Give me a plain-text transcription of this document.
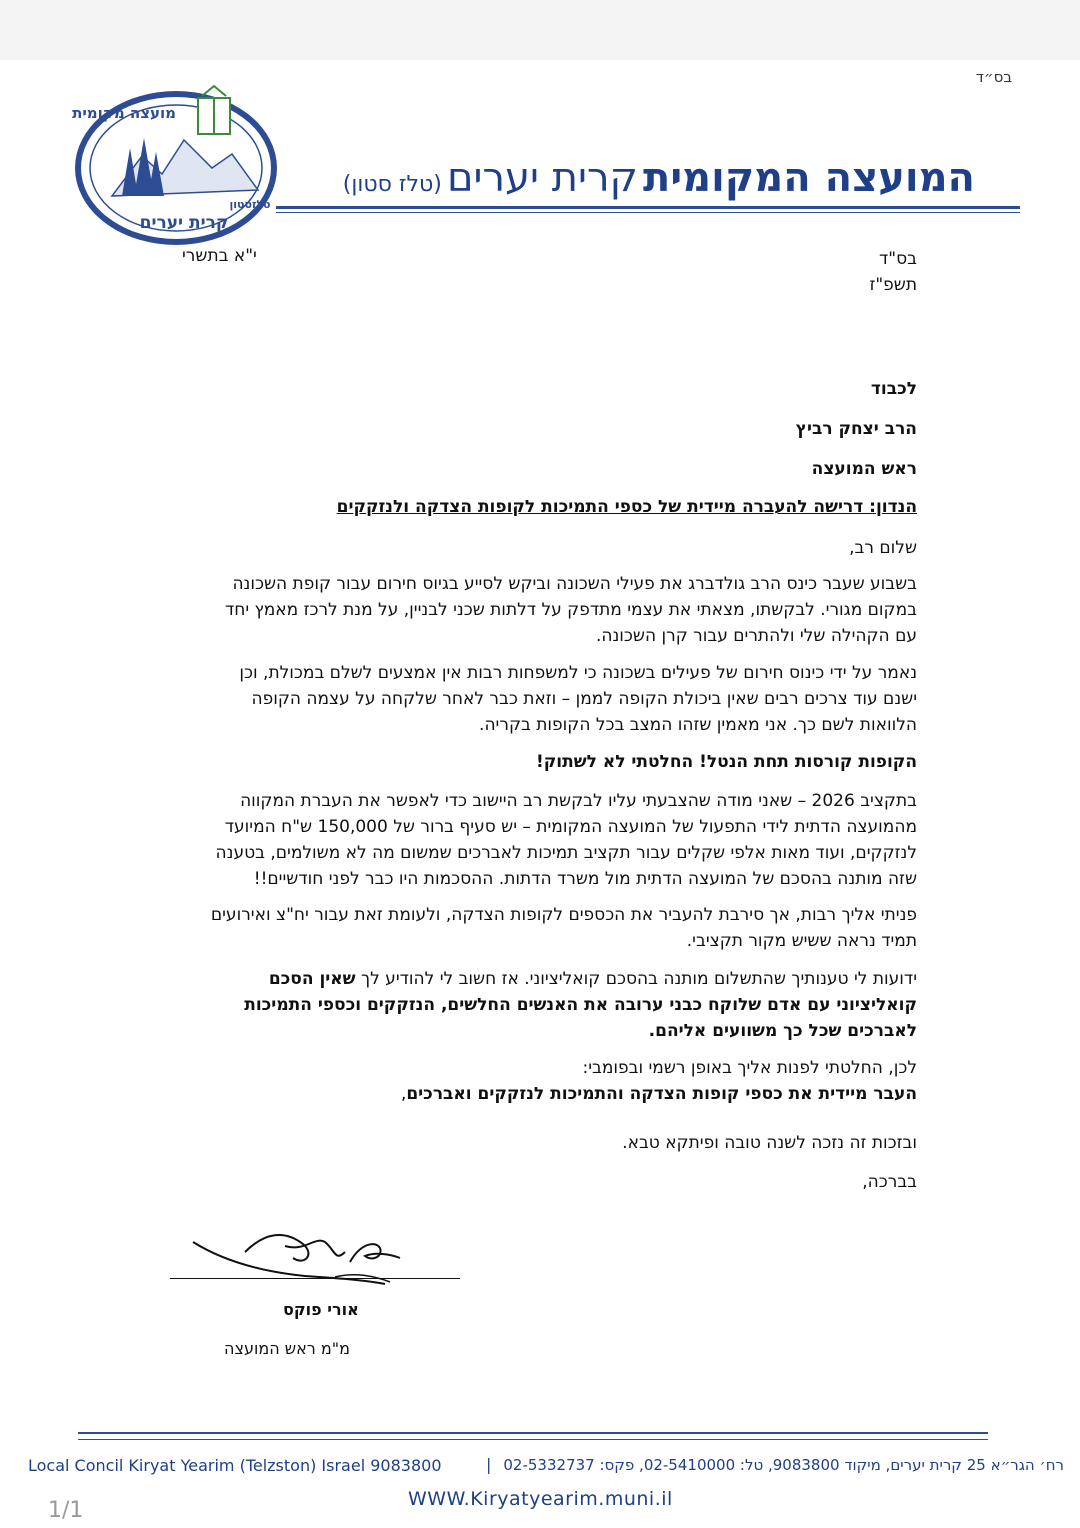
בס״ד
מועצה מקומית
קרית יערים
טלזסטון
המועצה המקומית קרית יערים (טלז סטון)
בס"ד
תשפ"ז
י"א בתשרי
לכבוד
הרב יצחק רביץ
ראש המועצה
הנדון: דרישה להעברה מיידית של כספי התמיכות לקופות הצדקה ולנזקקים
שלום רב,
בשבוע שעבר כינס הרב גולדברג את פעילי השכונה וביקש לסייע בגיוס חירום עבור קופת השכונה
במקום מגורי. לבקשתו, מצאתי את עצמי מתדפק על דלתות שכני לבניין, על מנת לרכז מאמץ יחד
עם הקהילה שלי ולהתרים עבור קרן השכונה.
נאמר על ידי כינוס חירום של פעילים בשכונה כי למשפחות רבות אין אמצעים לשלם במכולת, וכן
ישנם עוד צרכים רבים שאין ביכולת הקופה לממן – וזאת כבר לאחר שלקחה על עצמה הקופה
הלוואות לשם כך. אני מאמין שזהו המצב בכל הקופות בקריה.
הקופות קורסות תחת הנטל! החלטתי לא לשתוק!
בתקציב 2026 – שאני מודה שהצבעתי עליו לבקשת רב היישוב כדי לאפשר את העברת המקווה
מהמועצה הדתית לידי התפעול של המועצה המקומית – יש סעיף ברור של 150,000 ש"ח המיועד
לנזקקים, ועוד מאות אלפי שקלים עבור תקציב תמיכות לאברכים שמשום מה לא משולמים, בטענה
שזה מותנה בהסכם של המועצה הדתית מול משרד הדתות. ההסכמות היו כבר לפני חודשיים!!
פניתי אליך רבות, אך סירבת להעביר את הכספים לקופות הצדקה, ולעומת זאת עבור יח"צ ואירועים
תמיד נראה ששיש מקור תקציבי.
ידועות לי טענותיך שהתשלום מותנה בהסכם קואליציוני. אז חשוב לי להודיע לך שאין הסכם
קואליציוני עם אדם שלוקח כבני ערובה את האנשים החלשים, הנזקקים וכספי התמיכות
לאברכים שכל כך משוועים אליהם.
לכן, החלטתי לפנות אליך באופן רשמי ובפומבי:
העבר מיידית את כספי קופות הצדקה והתמיכות לנזקקים ואברכים,
ובזכות זה נזכה לשנה טובה ופיתקא טבא.
בברכה,
אורי פוקס
מ"מ ראש המועצה
Local Concil Kiryat Yearim (Telzston) Israel 9083800	| רח׳ הגר״א 25 קרית יערים, מיקוד 9083800, טל: 02-5410000, פקס: 02-5332737
WWW.Kiryatyearim.muni.il
1/1
